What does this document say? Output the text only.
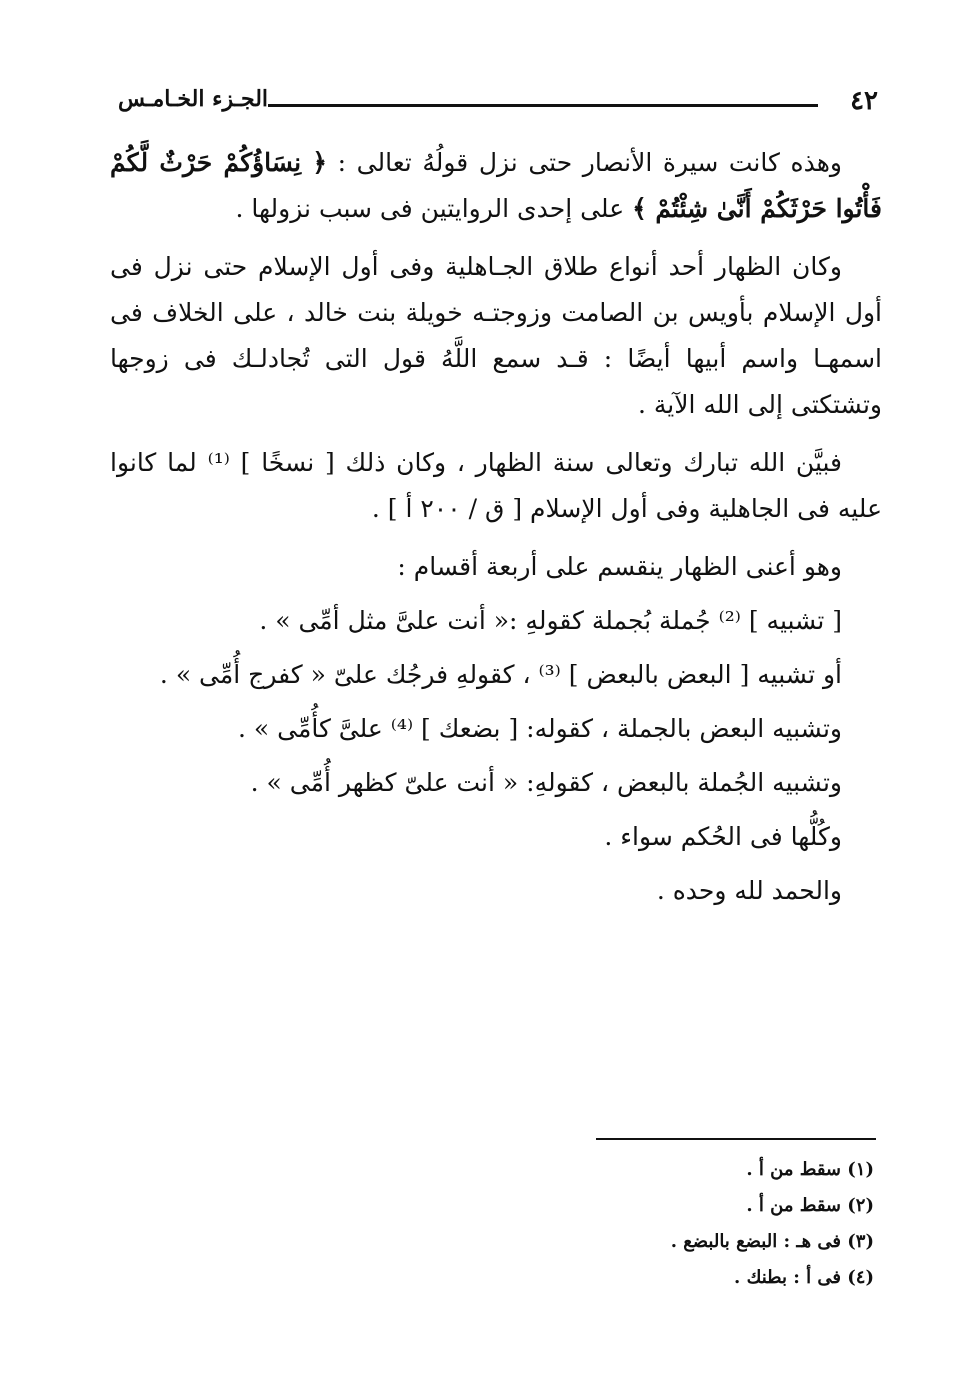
٤٢
الجـزء الخـامـس

وهذه كانت سيرة الأنصار حتى نزل قولُهُ تعالى : ﴿ نِسَاؤُكُمْ حَرْثٌ لَّكُمْ فَأْتُوا حَرْثَكُمْ أَنَّىٰ شِئْتُمْ ﴾ على إحدى الروايتين فى سبب نزولها .

وكان الظهار أحد أنواع طلاق الجـاهلية وفى أول الإسلام حتى نزل فى أول الإسلام بأويس بن الصامت وزوجتـه خويلة بنت خالد ، على الخلاف فى اسمهـا واسم أبيها أيضًا : قـد سمع اللَّهُ قول التى تُجادلـك فى زوجها وتشتكتى إلى الله الآية .

فبيَّن الله تبارك وتعالى سنة الظهار ، وكان ذلك [ نسخًا ] ⁽¹⁾ لما كانوا عليه فى الجاهلية وفى أول الإسلام [ ق / ٢٠٠ أ ] .

وهو أعنى الظهار ينقسم على أربعة أقسام :

[ تشبيه ] ⁽²⁾ جُملة بُجملة كقولهِ :« أنت علىَّ مثل أمِّى » .

أو تشبيه [ البعض بالبعض ] ⁽³⁾ ، كقولهِ فرجُك علىّ « كفرج أُمِّى » .

وتشبيه البعض بالجملة ، كقوله: [ بضعك ] ⁽⁴⁾ علىَّ كأُمِّى » .

وتشبيه الجُملة بالبعض ، كقولهِ: « أنت علىّ كظهر أُمِّى » .

وكُلُّها فى الحُكم سواء .

والحمد لله وحده .

(١) سقط من أ .
(٢) سقط من أ .
(٣) فى هـ : البضع بالبضع .
(٤) فى أ : بطنك .
